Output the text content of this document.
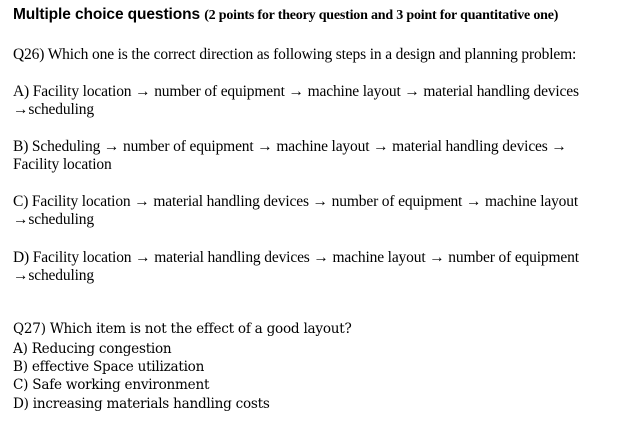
Multiple choice questions (2 points for theory question and 3 point for quantitative one)
Q26) Which one is the correct direction as following steps in a design and planning problem:
A) Facility location → number of equipment → machine layout → material handling devices
→scheduling
B) Scheduling → number of equipment → machine layout → material handling devices →
Facility location
C) Facility location → material handling devices → number of equipment → machine layout
→scheduling
D) Facility location → material handling devices → machine layout → number of equipment
→scheduling
Q27) Which item is not the effect of a good layout?
A) Reducing congestion
B) effective Space utilization
C) Safe working environment
D) increasing materials handling costs
